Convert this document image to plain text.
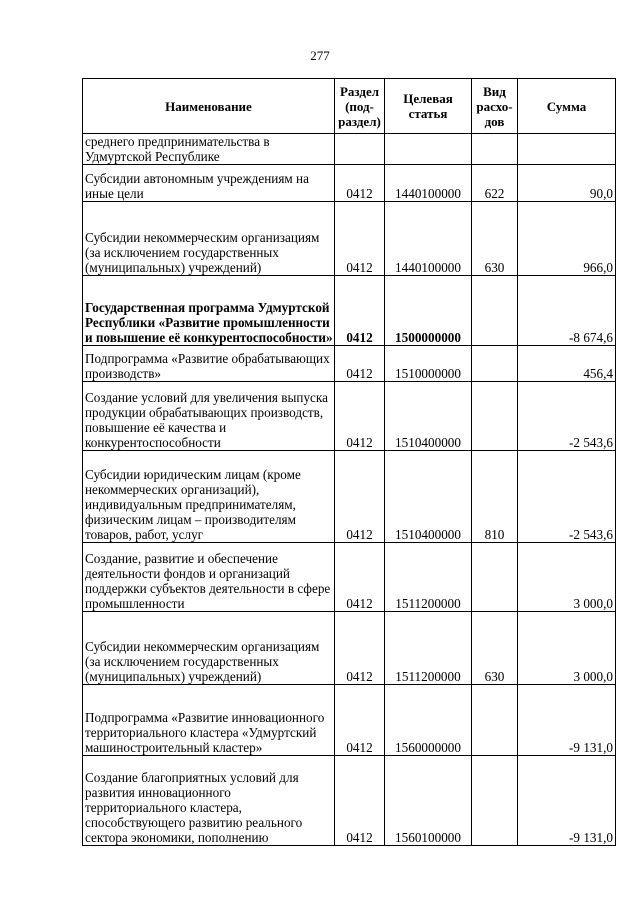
277
Наименование	Раздел (под-раздел)	Целевая статья	Вид расхо-дов	Сумма
среднего предпринимательства в Удмуртской Республике				
Субсидии автономным учреждениям на иные цели	0412	1440100000	622	90,0
Субсидии некоммерческим организациям (за исключением государственных (муниципальных) учреждений)	0412	1440100000	630	966,0
Государственная программа Удмуртской Республики «Развитие промышленности и повышение её конкурентоспособности»	0412	1500000000		-8 674,6
Подпрограмма «Развитие обрабатывающих производств»	0412	1510000000		456,4
Создание условий для увеличения выпуска продукции обрабатывающих производств, повышение её качества и конкурентоспособности	0412	1510400000		-2 543,6
Субсидии юридическим лицам (кроме некоммерческих организаций), индивидуальным предпринимателям, физическим лицам – производителям товаров, работ, услуг	0412	1510400000	810	-2 543,6
Создание, развитие и обеспечение деятельности фондов и организаций поддержки субъектов деятельности в сфере промышленности	0412	1511200000		3 000,0
Субсидии некоммерческим организациям (за исключением государственных (муниципальных) учреждений)	0412	1511200000	630	3 000,0
Подпрограмма «Развитие инновационного территориального кластера «Удмуртский машиностроительный кластер»	0412	1560000000		-9 131,0
Создание благоприятных условий для развития инновационного территориального кластера, способствующего развитию реального сектора экономики, пополнению	0412	1560100000		-9 131,0
